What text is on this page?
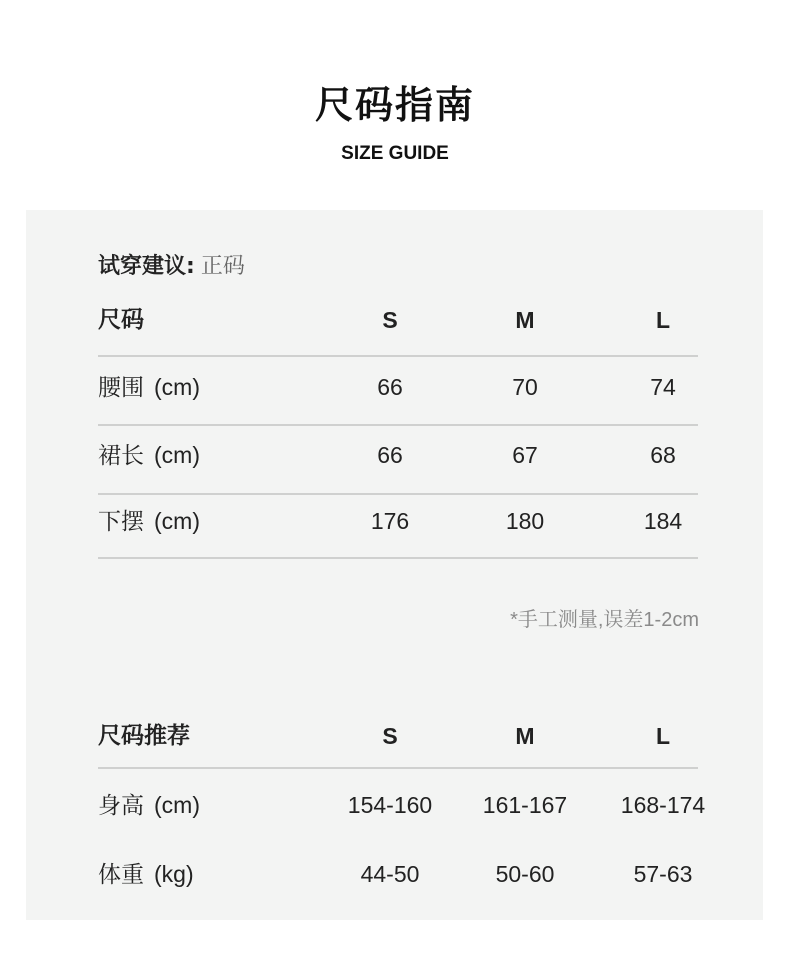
尺码指南
SIZE GUIDE
试穿建议: 正码
尺码	S	M	L
腰围 (cm)	66	70	74
裙长 (cm)	66	67	68
下摆 (cm)	176	180	184
*手工测量,误差1-2cm
尺码推荐	S	M	L
身高 (cm)	154-160	161-167	168-174
体重 (kg)	44-50	50-60	57-63
